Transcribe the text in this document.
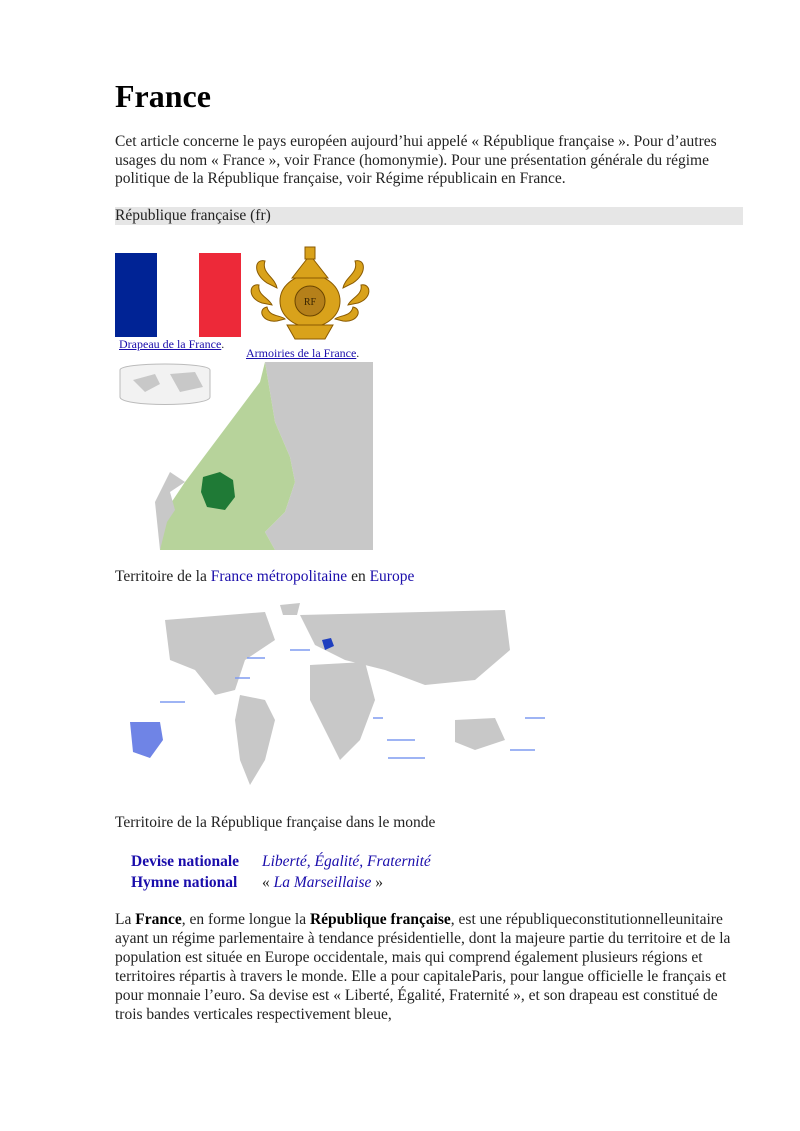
France

Cet article concerne le pays européen aujourd’hui appelé « République française ». Pour d’autres usages du nom « France », voir France (homonymie). Pour une présentation générale du régime politique de la République française, voir Régime républicain en France.

République française (fr)
Drapeau de la France.
RF
Armoiries de la France.
Territoire de la France métropolitaine en Europe
Territoire de la République française dans le monde
Devise nationale	Liberté, Égalité, Fraternité
Hymne national	« La Marseillaise »

La France, en forme longue la République française, est une républiqueconstitutionnelleunitaire ayant un régime parlementaire à tendance présidentielle, dont la majeure partie du territoire et de la population est située en Europe occidentale, mais qui comprend également plusieurs régions et territoires répartis à travers le monde. Elle a pour capitaleParis, pour langue officielle le français et pour monnaie l’euro. Sa devise est « Liberté, Égalité, Fraternité », et son drapeau est constitué de trois bandes verticales respectivement bleue,
